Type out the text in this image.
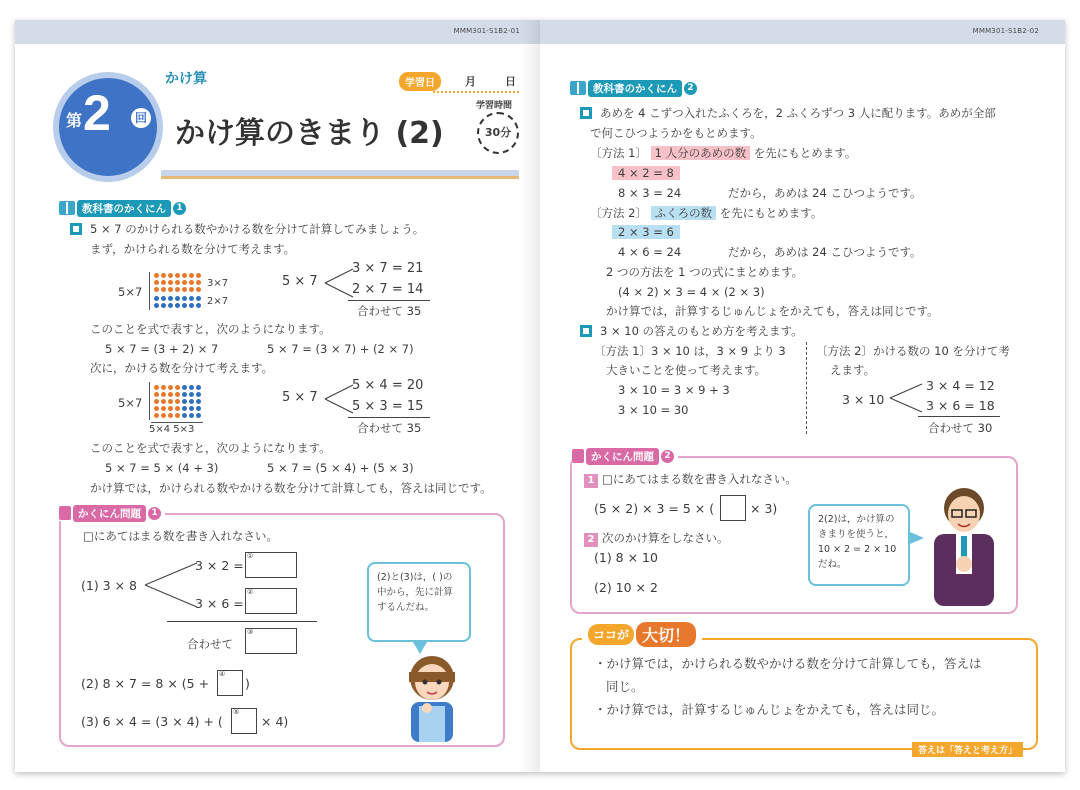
MMM301-S1B2-01
第 2	回
かけ算
かけ算のきまり (2)
学習日	月	日
学習時間
30分
教科書のかくにん	1
5 × 7 のかけられる数やかける数を分けて計算してみましょう。
まず，かけられる数を分けて考えます。
5×7

3×7
2×7
5 × 7
3 × 7 = 21
2 × 7 = 14
合わせて 35
このことを式で表すと，次のようになります。
5 × 7 = (3 + 2) × 7	5 × 7 = (3 × 7) + (2 × 7)
次に，かける数を分けて考えます。
5×7

5×4 5×3
5 × 7
5 × 4 = 20
5 × 3 = 15
合わせて 35
このことを式で表すと，次のようになります。
5 × 7 = 5 × (4 + 3)	5 × 7 = (5 × 4) + (5 × 3)
かけ算では，かけられる数やかける数を分けて計算しても，答えは同じです。
かくにん問題	1
□にあてはまる数を書き入れなさい。
(1) 3 × 8
3 × 2 =
①
3 × 6 =
②
合わせて
③
(2) 8 × 7 = 8 × (5 +
④
)
(3) 6 × 4 = (3 × 4) + (
⑤
× 4)
(2)と(3)は，( )の中から，先に計算するんだね。
MMM301-S1B2-02
教科書のかくにん	2
あめを 4 こずつ入れたふくろを，2 ふくろずつ 3 人に配ります。あめが全部
で何こひつようかをもとめます。
〔方法 1〕 1 人分のあめの数 を先にもとめます。
4 × 2 = 8
8 × 3 = 24	だから，あめは 24 こひつようです。
〔方法 2〕 ふくろの数 を先にもとめます。
2 × 3 = 6
4 × 6 = 24	だから，あめは 24 こひつようです。
2 つの方法を 1 つの式にまとめます。
(4 × 2) × 3 = 4 × (2 × 3)
かけ算では，計算するじゅんじょをかえても，答えは同じです。
3 × 10 の答えのもとめ方を考えます。
〔方法 1〕3 × 10 は，3 × 9 より 3
大きいことを使って考えます。
3 × 10 = 3 × 9 + 3
3 × 10 = 30
〔方法 2〕かける数の 10 を分けて考
えます。
3 × 10
3 × 4 = 12
3 × 6 = 18
合わせて 30
かくにん問題	2
1 □にあてはまる数を書き入れなさい。
(5 × 2) × 3 = 5 × (	× 3)
2 次のかけ算をしなさい。
(1) 8 × 10
(2) 10 × 2
2(2)は，かけ算のきまりを使うと，10 × 2 = 2 × 10 だね。
ココが 大切！
・かけ算では，かけられる数やかける数を分けて計算しても，答えは
同じ。
・かけ算では，計算するじゅんじょをかえても，答えは同じ。
答えは「答えと考え方」
